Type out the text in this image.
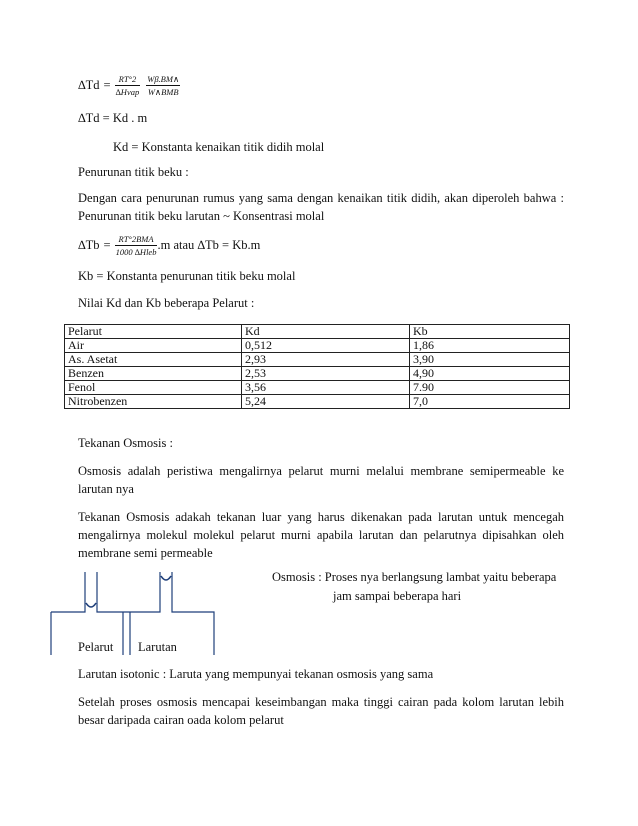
$\Delta Td = \frac{RT^\circ 2}{\text{∆Hvap}} \frac{W\beta.BM\wedge}{\text{W∧BMB}}$
∆Td = Kd . m
Kd = Konstanta kenaikan titik didih molal
Penurunan titik beku :
Dengan cara penurunan rumus yang sama dengan kenaikan titik didih, akan diperoleh bahwa : Penurunan titik beku larutan ~ Konsentrasi molal
$\Delta Tb = \frac{\text{RT°2BMA}}{\text{1000 ∆Hleb}} .m$ atau ∆Tb = Kb.m
Kb = Konstanta penurunan titik beku molal
Nilai Kd dan Kb beberapa Pelarut :
Pelarut	Kd	Kb
Air	0,512	1,86
As. Asetat	2,93	3,90
Benzen	2,53	4,90
Fenol	3,56	7.90
Nitrobenzen	5,24	7,0
Tekanan Osmosis :
Osmosis adalah peristiwa mengalirnya pelarut murni melalui membrane semipermeable ke larutan nya
Tekanan Osmosis adakah tekanan luar yang harus dikenakan pada larutan untuk mencegah mengalirnya molekul molekul pelarut murni apabila larutan dan pelarutnya dipisahkan oleh membrane semi permeable
Osmosis : Proses nya berlangsung lambat yaitu beberapa
jam sampai beberapa hari
Pelarut Larutan
Larutan isotonic : Laruta yang mempunyai tekanan osmosis yang sama
Setelah proses osmosis mencapai keseimbangan maka tinggi cairan pada kolom larutan lebih besar daripada cairan oada kolom pelarut
